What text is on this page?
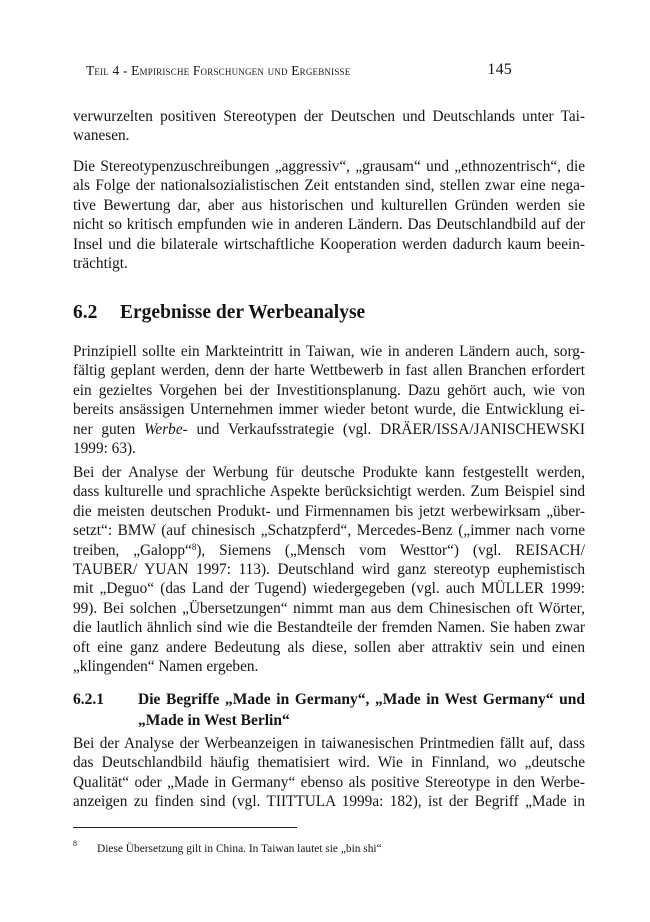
Teil 4 - Empirische Forschungen und Ergebnisse	145
verwurzelten positiven Stereotypen der Deutschen und Deutschlands unter Tai-
wanesen.
Die Stereotypenzuschreibungen „aggressiv“, „grausam“ und „ethnozentrisch“, die
als Folge der nationalsozialistischen Zeit entstanden sind, stellen zwar eine nega-
tive Bewertung dar, aber aus historischen und kulturellen Gründen werden sie
nicht so kritisch empfunden wie in anderen Ländern. Das Deutschlandbild auf der
Insel und die bilaterale wirtschaftliche Kooperation werden dadurch kaum beein-
trächtigt.
6.2 Ergebnisse der Werbeanalyse
Prinzipiell sollte ein Markteintritt in Taiwan, wie in anderen Ländern auch, sorg-
fältig geplant werden, denn der harte Wettbewerb in fast allen Branchen erfordert
ein gezieltes Vorgehen bei der Investitionsplanung. Dazu gehört auch, wie von
bereits ansässigen Unternehmen immer wieder betont wurde, die Entwicklung ei-
ner guten Werbe- und Verkaufsstrategie (vgl. DRÄER/ISSA/JANISCHEWSKI
1999: 63).
Bei der Analyse der Werbung für deutsche Produkte kann festgestellt werden,
dass kulturelle und sprachliche Aspekte berücksichtigt werden. Zum Beispiel sind
die meisten deutschen Produkt- und Firmennamen bis jetzt werbewirksam „über-
setzt“: BMW (auf chinesisch „Schatzpferd“, Mercedes-Benz („immer nach vorne
treiben, „Galopp“$^8$), Siemens („Mensch vom Westtor“) (vgl. REISACH/
TAUBER/ YUAN 1997: 113). Deutschland wird ganz stereotyp euphemistisch
mit „Deguo“ (das Land der Tugend) wiedergegeben (vgl. auch MÜLLER 1999:
99). Bei solchen „Übersetzungen“ nimmt man aus dem Chinesischen oft Wörter,
die lautlich ähnlich sind wie die Bestandteile der fremden Namen. Sie haben zwar
oft eine ganz andere Bedeutung als diese, sollen aber attraktiv sein und einen
„klingenden“ Namen ergeben.
6.2.1 Die Begriffe „Made in Germany“, „Made in West Germany“ und
„Made in West Berlin“
Bei der Analyse der Werbeanzeigen in taiwanesischen Printmedien fällt auf, dass
das Deutschlandbild häufig thematisiert wird. Wie in Finnland, wo „deutsche
Qualität“ oder „Made in Germany“ ebenso als positive Stereotype in den Werbe-
anzeigen zu finden sind (vgl. TIITTULA 1999a: 182), ist der Begriff „Made in
8 Diese Übersetzung gilt in China. In Taiwan lautet sie „bin shi“
